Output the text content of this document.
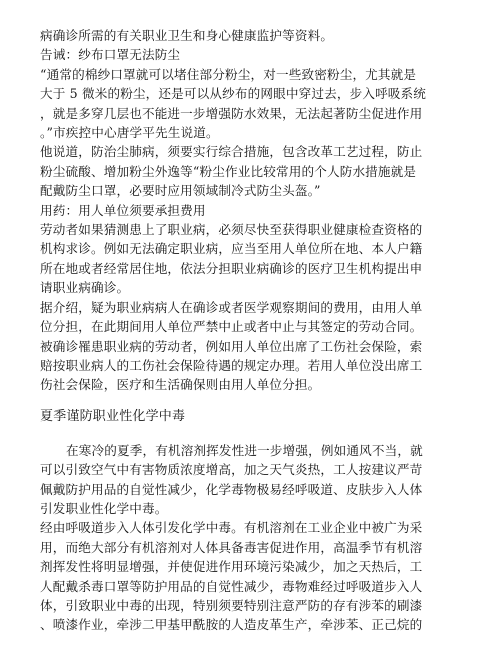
病确诊所需的有关职业卫生和身心健康监护等资料。
告诫：纱布口罩无法防尘
“通常的棉纱口罩就可以堵住部分粉尘，对一些致密粉尘，尤其就是
大于 5 微米的粉尘，还是可以从纱布的网眼中穿过去，步入呼吸系统
，就是多穿几层也不能进一步增强防水效果，无法起著防尘促进作用
。”市疾控中心唐学平先生说道。
他说道，防治尘肺病，须要实行综合措施，包含改革工艺过程，防止
粉尘硫酸、增加粉尘外逸等“粉尘作业比较常用的个人防水措施就是
配戴防尘口罩，必要时应用领域制冷式防尘头盔。”
用药：用人单位须要承担费用
劳动者如果猜测患上了职业病，必须尽快至获得职业健康检查资格的
机构求诊。例如无法确定职业病，应当至用人单位所在地、本人户籍
所在地或者经常居住地，依法分担职业病确诊的医疗卫生机构提出申
请职业病确诊。
据介绍，疑为职业病病人在确诊或者医学观察期间的费用，由用人单
位分担，在此期间用人单位严禁中止或者中止与其签定的劳动合同。
被确诊罹患职业病的劳动者，例如用人单位出席了工伤社会保险，索
赔按职业病人的工伤社会保险待遇的规定办理。若用人单位没出席工
伤社会保险，医疗和生活确保则由用人单位分担。
夏季谨防职业性化学中毒
在寒冷的夏季，有机溶剂挥发性进一步增强，例如通风不当，就
可以引致空气中有害物质浓度增高，加之天气炎热，工人按建议严苛
佩戴防护用品的自觉性减少，化学毒物极易经呼吸道、皮肤步入人体
引发职业性化学中毒。
经由呼吸道步入人体引发化学中毒。有机溶剂在工业企业中被广为采
用，而绝大部分有机溶剂对人体具备毒害促进作用，高温季节有机溶
剂挥发性将明显增强，并使促进作用环境污染减少，加之天热后，工
人配戴杀毒口罩等防护用品的自觉性减少，毒物难经过呼吸道步入人
体，引致职业中毒的出现，特别须要特别注意严防的存有涉苯的刷漆
、喷漆作业，牵涉二甲基甲酰胺的人造皮革生产，牵涉苯、正己烷的
